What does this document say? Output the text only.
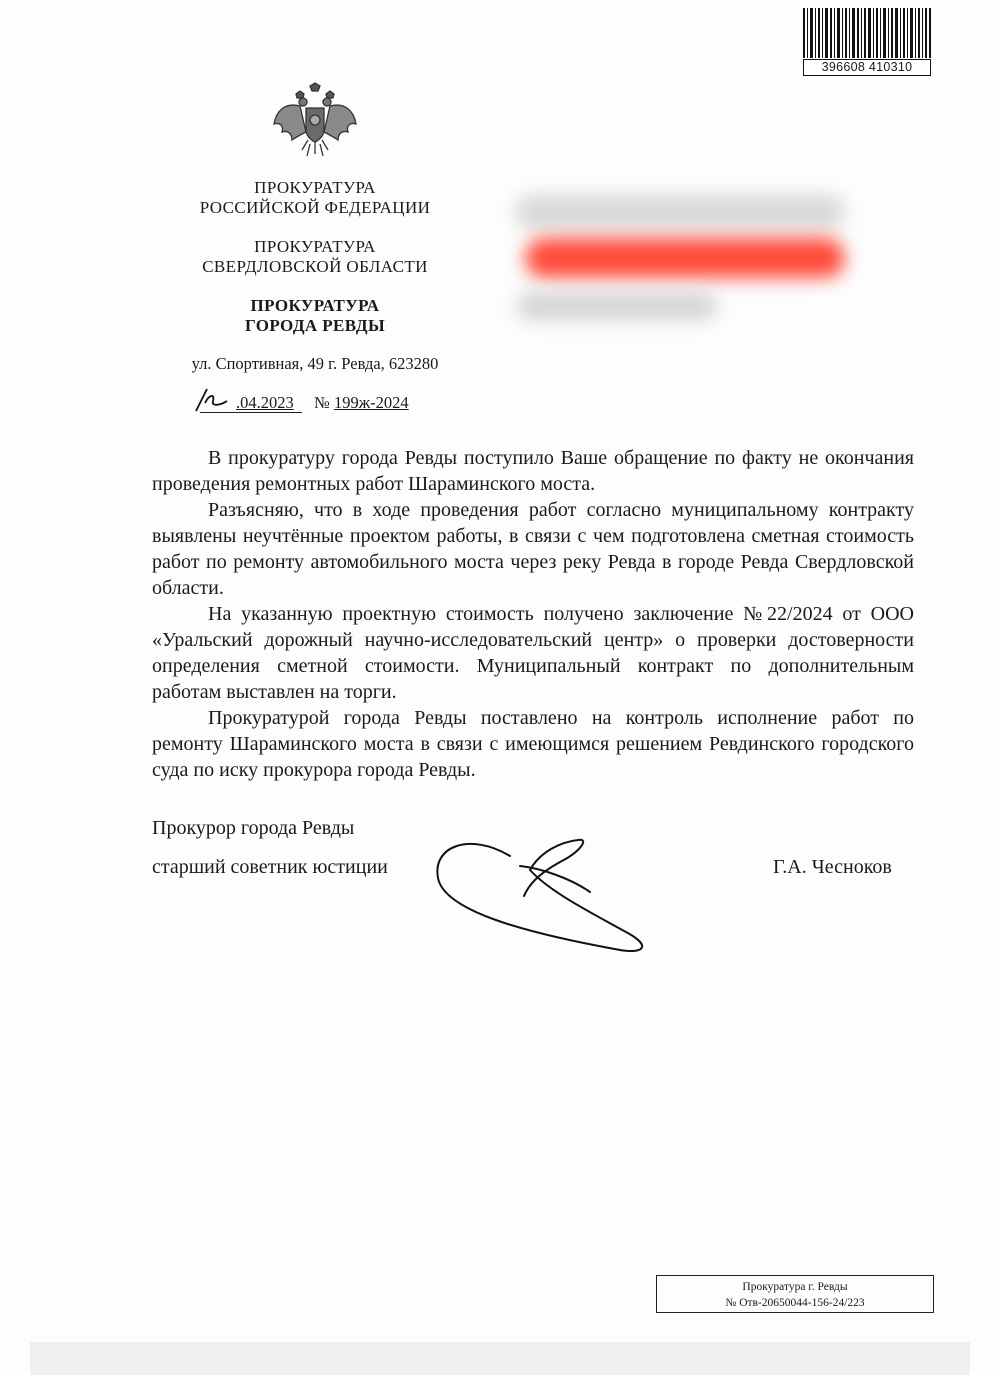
396608 410310
ПРОКУРАТУРА
РОССИЙСКОЙ ФЕДЕРАЦИИ
ПРОКУРАТУРА
СВЕРДЛОВСКОЙ ОБЛАСТИ
ПРОКУРАТУРА
ГОРОДА РЕВДЫ
ул. Спортивная, 49 г. Ревда, 623280
.04.2023 № 199ж-2024

В прокуратуру города Ревды поступило Ваше обращение по факту не окончания проведения ремонтных работ Шараминского моста.

Разъясняю, что в ходе проведения работ согласно муниципальному контракту выявлены неучтённые проектом работы, в связи с чем подготовлена сметная стоимость работ по ремонту автомобильного моста через реку Ревда в городе Ревда Свердловской области.

На указанную проектную стоимость получено заключение №22/2024 от ООО «Уральский дорожный научно-исследовательский центр» о проверки достоверности определения сметной стоимости. Муниципальный контракт по дополнительным работам выставлен на торги.

Прокуратурой города Ревды поставлено на контроль исполнение работ по ремонту Шараминского моста в связи с имеющимся решением Ревдинского городского суда по иску прокурора города Ревды.

Прокурор города Ревды
старший советник юстиции	Г.А. Чесноков
Прокуратура г. Ревды
№ Отв-20650044-156-24/223
